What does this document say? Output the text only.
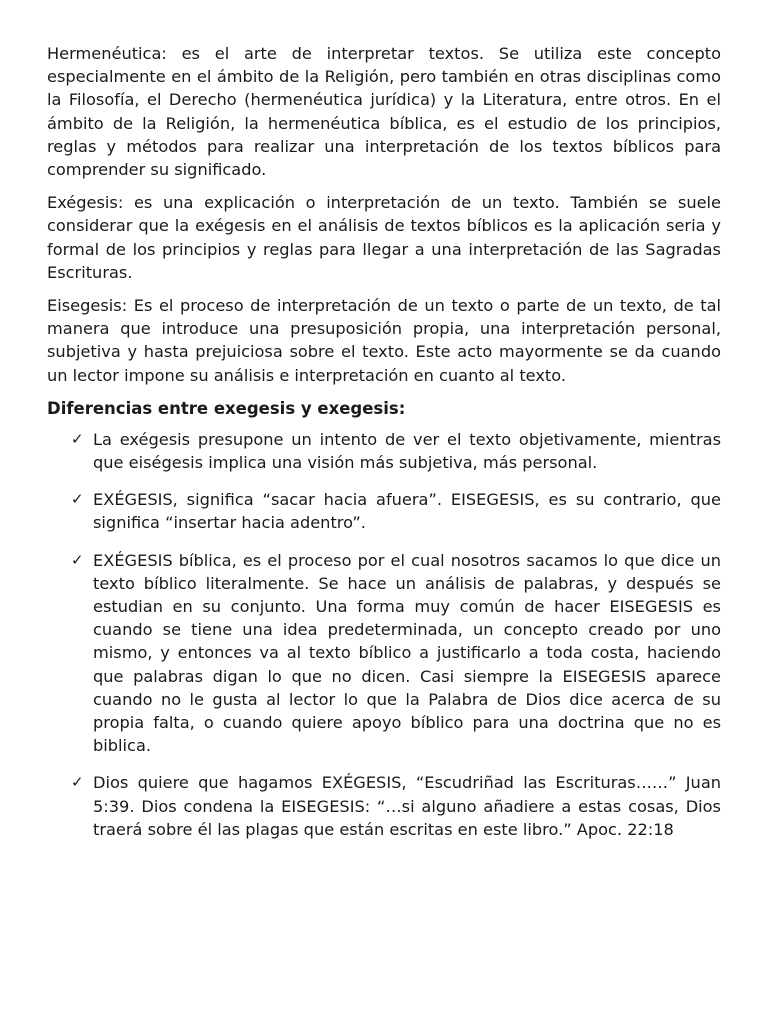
Hermenéutica: es el arte de interpretar textos. Se utiliza este concepto especialmente en el ámbito de la Religión, pero también en otras disciplinas como la Filosofía, el Derecho (hermenéutica jurídica) y la Literatura, entre otros. En el ámbito de la Religión, la hermenéutica bíblica, es el estudio de los principios, reglas y métodos para realizar una interpretación de los textos bíblicos para comprender su significado.

Exégesis: es una explicación o interpretación de un texto. También se suele considerar que la exégesis en el análisis de textos bíblicos es la aplicación seria y formal de los principios y reglas para llegar a una interpretación de las Sagradas Escrituras.

Eisegesis: Es el proceso de interpretación de un texto o parte de un texto, de tal manera que introduce una presuposición propia, una interpretación personal, subjetiva y hasta prejuiciosa sobre el texto. Este acto mayormente se da cuando un lector impone su análisis e interpretación en cuanto al texto.

Diferencias entre exegesis y exegesis:
✓ La exégesis presupone un intento de ver el texto objetivamente, mientras que eiségesis implica una visión más subjetiva, más personal.

✓ EXÉGESIS, significa “sacar hacia afuera”. EISEGESIS, es su contrario, que significa “insertar hacia adentro”.

✓ EXÉGESIS bíblica, es el proceso por el cual nosotros sacamos lo que dice un texto bíblico literalmente. Se hace un análisis de palabras, y después se estudian en su conjunto. Una forma muy común de hacer EISEGESIS es cuando se tiene una idea predeterminada, un concepto creado por uno mismo, y entonces va al texto bíblico a justificarlo a toda costa, haciendo que palabras digan lo que no dicen. Casi siempre la EISEGESIS aparece cuando no le gusta al lector lo que la Palabra de Dios dice acerca de su propia falta, o cuando quiere apoyo bíblico para una doctrina que no es biblica.

✓ Dios quiere que hagamos EXÉGESIS, “Escudriñad las Escrituras……” Juan 5:39. Dios condena la EISEGESIS: “…si alguno añadiere a estas cosas, Dios traerá sobre él las plagas que están escritas en este libro.” Apoc. 22:18
